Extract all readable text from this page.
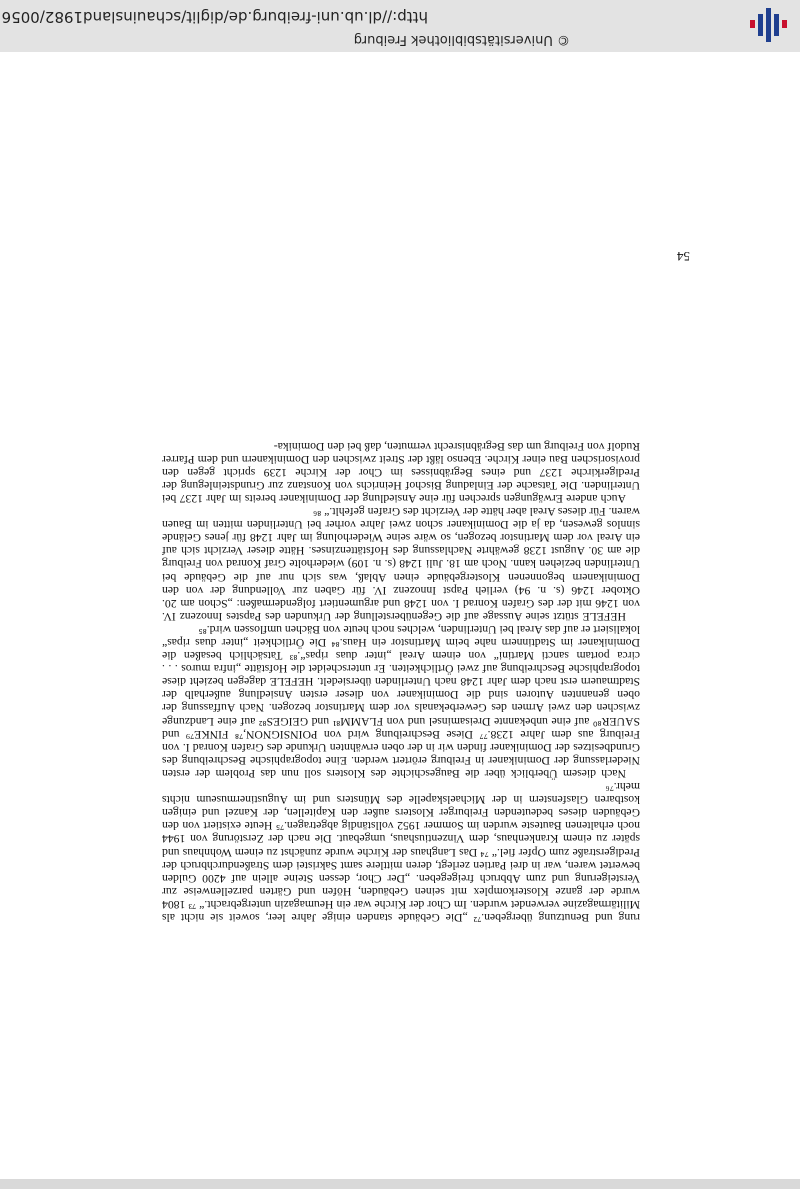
rung und Benutzung übergeben.⁷² „Die Gebäude standen einige Jahre leer, soweit sie nicht als Militärmagazine verwendet wurden. Im Chor der Kirche war ein Heumagazin untergebracht.“ ⁷³ 1804 wurde der ganze Klosterkomplex mit seinen Gebäuden, Höfen und Gärten parzellenweise zur Versteigerung und zum Abbruch freigegeben. „Der Chor, dessen Steine allein auf 4200 Gulden bewertet waren, war in drei Partien zerlegt, deren mittlere samt Sakristei dem Straßendurchbruch der Predigerstraße zum Opfer fiel.“ ⁷⁴ Das Langhaus der Kirche wurde zunächst zu einem Wohnhaus und später zu einem Krankenhaus, dem Vinzentiushaus, umgebaut. Die nach der Zerstörung von 1944 noch erhaltenen Bauteste wurden im Sommer 1952 vollständig abgetragen.⁷⁵ Heute existiert von den Gebäuden dieses bedeutenden Freiburger Klosters außer den Kapitellen, der Kanzel und einigen kostbaren Glasfenstern in der Michaelskapelle des Münsters und im Augustinermuseum nichts mehr.⁷⁶

Nach diesem Überblick über die Baugeschichte des Klosters soll nun das Problem der ersten Niederlassung der Dominikaner in Freiburg erörtert werden. Eine topographische Beschreibung des Grundbesitzes der Dominikaner finden wir in der oben erwähnten Urkunde des Grafen Konrad I. von Freiburg aus dem Jahre 1238.⁷⁷ Diese Beschreibung wird von POINSIGNON,⁷⁸ FINKE⁷⁹ und SAUER⁸⁰ auf eine unbekannte Dreisaminsel und von FLAMM⁸¹ und GEIGES⁸² auf eine Landzunge zwischen den zwei Armen des Gewerbekanals vor dem Martinstor bezogen. Nach Auffassung der oben genannten Autoren sind die Dominikaner von dieser ersten Ansiedlung außerhalb der Stadtmauern erst nach dem Jahr 1248 nach Unterlinden übersiedelt. HEFELE dagegen bezieht diese topographische Beschreibung auf zwei Örtlichkeiten. Er unterscheidet die Hofstätte „infra muros . . . circa portam sancti Martini“ von einem Areal „inter duas ripas“.⁸³ Tatsächlich besaßen die Dominikaner im Stadtinnern nahe beim Martinstor ein Haus.⁸⁴ Die Örtlichkeit „inter duas ripas“ lokalisiert er auf das Areal bei Unterlinden, welches noch heute von Bächen umflossen wird.⁸⁵

HEFELE stützt seine Aussage auf die Gegenüberstellung der Urkunden des Papstes Innozenz IV. von 1246 mit der des Grafen Konrad I. von 1248 und argumentiert folgendermaßen: „Schon am 20. Oktober 1246 (s. n. 94) verlieh Papst Innozenz IV. für Gaben zur Vollendung der von den Dominikanern begonnenen Klostergebäude einen Ablaß, was sich nur auf die Gebäude bei Unterlinden beziehen kann. Noch am 18. Juli 1248 (s. n. 109) wiederholte Graf Konrad von Freiburg die am 30. August 1238 gewährte Nachlassung des Hofstättenzinses. Hätte dieser Verzicht sich auf ein Areal vor dem Martinstor bezogen, so wäre seine Wiederholung im Jahr 1248 für jenes Gelände sinnlos gewesen, da ja die Dominikaner schon zwei Jahre vorher bei Unterlinden mitten im Bauen waren. Für dieses Areal aber hätte der Verzicht des Grafen gefehlt.“ ⁸⁶

Auch andere Erwägungen sprechen für eine Ansiedlung der Dominikaner bereits im Jahr 1237 bei Unterlinden. Die Tatsache der Einladung Bischof Heinrichs von Konstanz zur Grundsteinlegung der Predigerkirche 1237 und eines Begräbnisses im Chor der Kirche 1239 spricht gegen den provisorischen Bau einer Kirche. Ebenso läßt der Streit zwischen den Dominikanern und dem Pfarrer Rudolf von Freiburg um das Begräbnisrecht vermuten, daß bei den Dominika-

54
© Universitätsbibliothek Freiburg
http://dl.ub.uni-freiburg.de/diglit/schauinsland1982/0056
